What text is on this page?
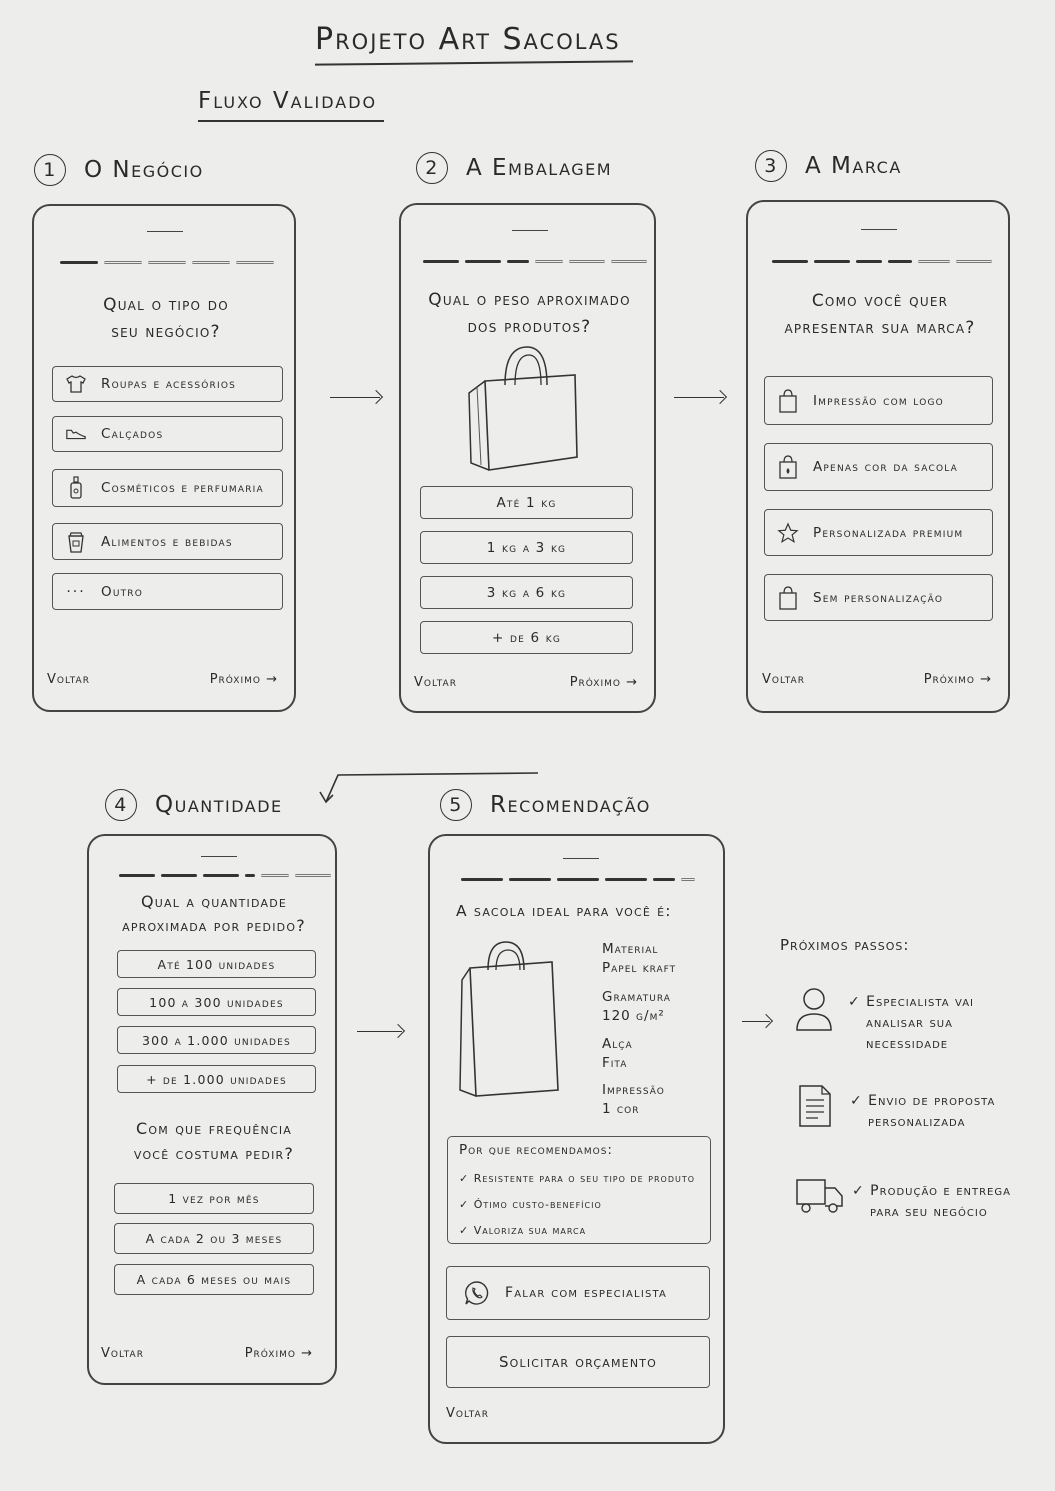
Projeto Art Sacolas
Fluxo Validado
1	O Negócio	2	A Embalagem	3	A Marca
4	Quantidade	5	Recomendação
Qual o tipo do
seu negócio?
Roupas e acessórios
Calçados
Cosméticos e perfumaria
Alimentos e bebidas
··· Outro
Voltar	Próximo →
Qual o peso aproximado
dos produtos?
Até 1 kg
1 kg a 3 kg
3 kg a 6 kg
+ de 6 kg
Voltar	Próximo →
Como você quer
apresentar sua marca?
Impressão com logo
Apenas cor da sacola
Personalizada premium
Sem personalização
Voltar	Próximo →
Qual a quantidade
aproximada por pedido?
Até 100 unidades
100 a 300 unidades
300 a 1.000 unidades
+ de 1.000 unidades
Com que frequência
você costuma pedir?
1 vez por mês
A cada 2 ou 3 meses
A cada 6 meses ou mais
Voltar	Próximo →
A sacola ideal para você é:
Material
Papel kraft
Gramatura
120 g/m²
Alça
Fita
Impressão
1 cor
Por que recomendamos:
✓ Resistente para o seu tipo de produto
✓ Ótimo custo-benefício
✓ Valoriza sua marca
Falar com especialista
Solicitar orçamento
Voltar
Próximos passos:
✓ Especialista vai
analisar sua
necessidade
✓ Envio de proposta
personalizada
✓ Produção e entrega
para seu negócio
